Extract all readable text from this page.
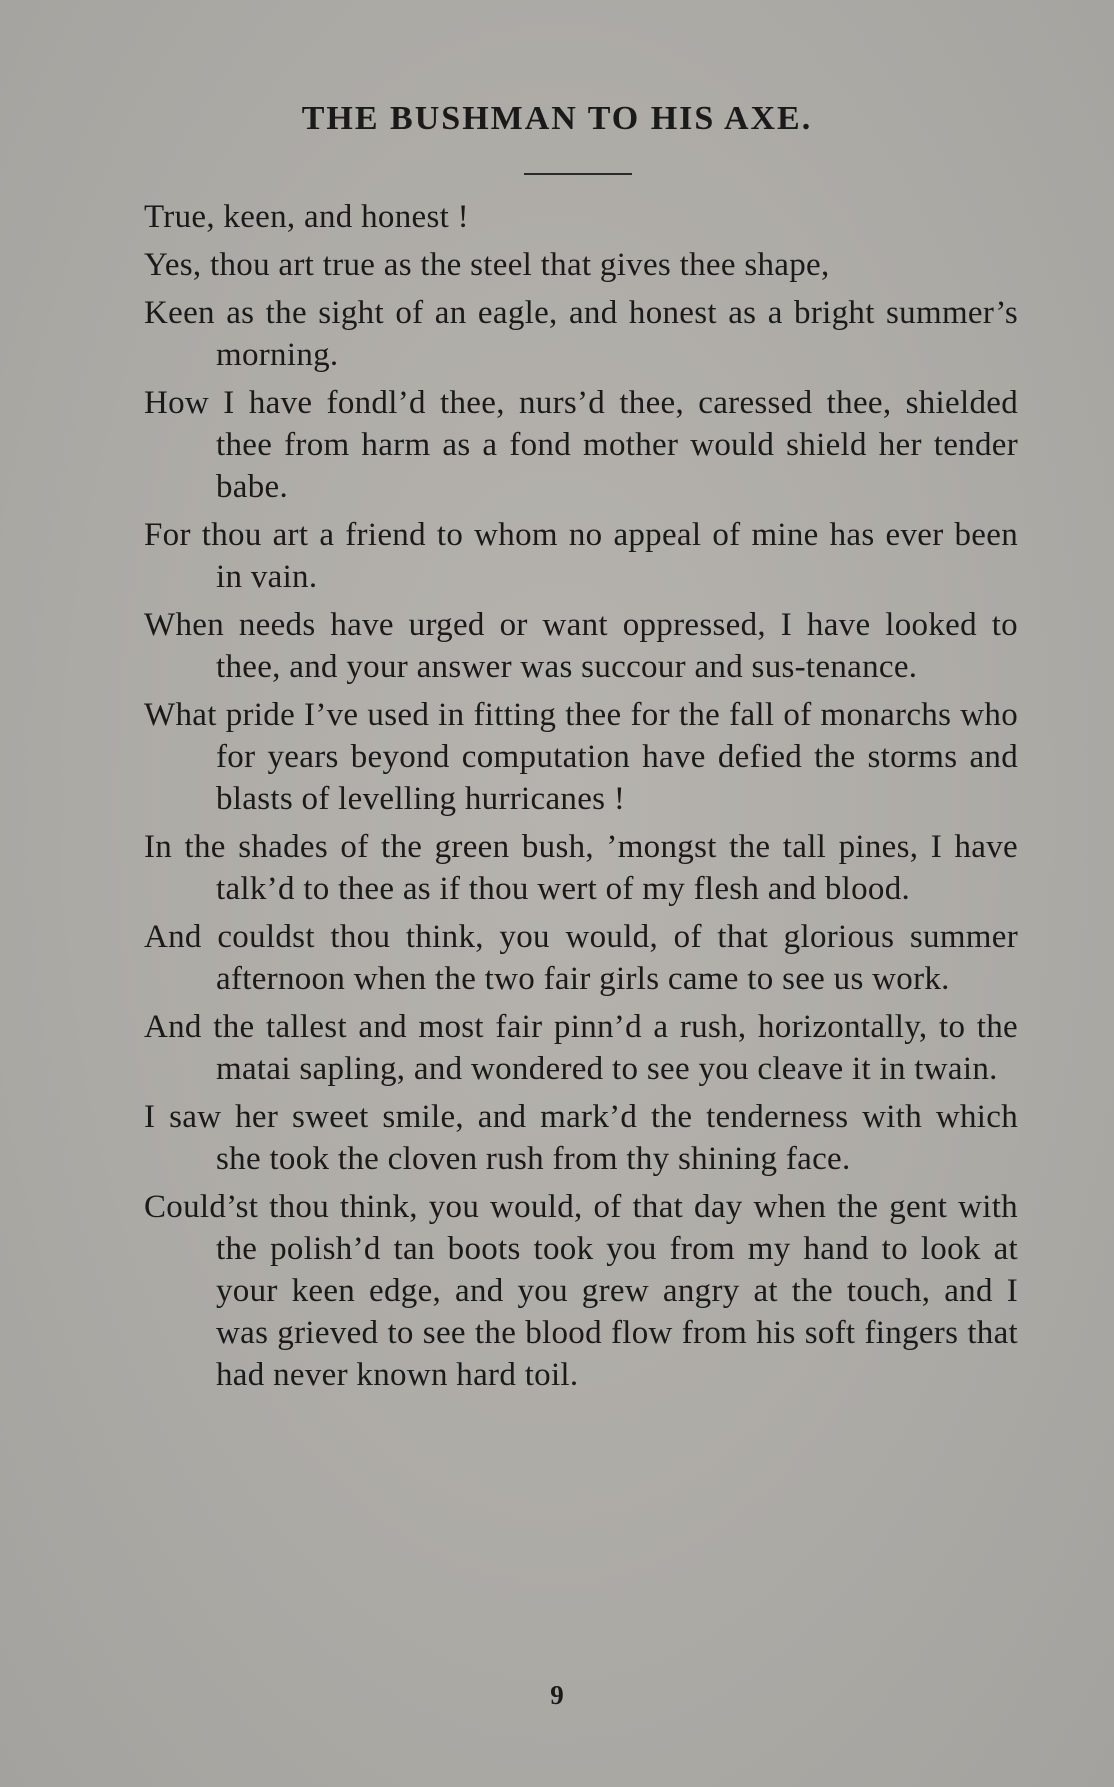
THE BUSHMAN TO HIS AXE.

True, keen, and honest !

Yes, thou art true as the steel that gives thee shape,

Keen as the sight of an eagle, and honest as a bright summer’s morning.

How I have fondl’d thee, nurs’d thee, caressed thee, shielded thee from harm as a fond mother would shield her tender babe.

For thou art a friend to whom no appeal of mine has ever been in vain.

When needs have urged or want oppressed, I have looked to thee, and your answer was succour and sus-tenance.

What pride I’ve used in fitting thee for the fall of monarchs who for years beyond computation have defied the storms and blasts of levelling hurricanes !

In the shades of the green bush, ’mongst the tall pines, I have talk’d to thee as if thou wert of my flesh and blood.

And couldst thou think, you would, of that glorious summer afternoon when the two fair girls came to see us work.

And the tallest and most fair pinn’d a rush, horizontally, to the matai sapling, and wondered to see you cleave it in twain.

I saw her sweet smile, and mark’d the tenderness with which she took the cloven rush from thy shining face.

Could’st thou think, you would, of that day when the gent with the polish’d tan boots took you from my hand to look at your keen edge, and you grew angry at the touch, and I was grieved to see the blood flow from his soft fingers that had never known hard toil.

9
